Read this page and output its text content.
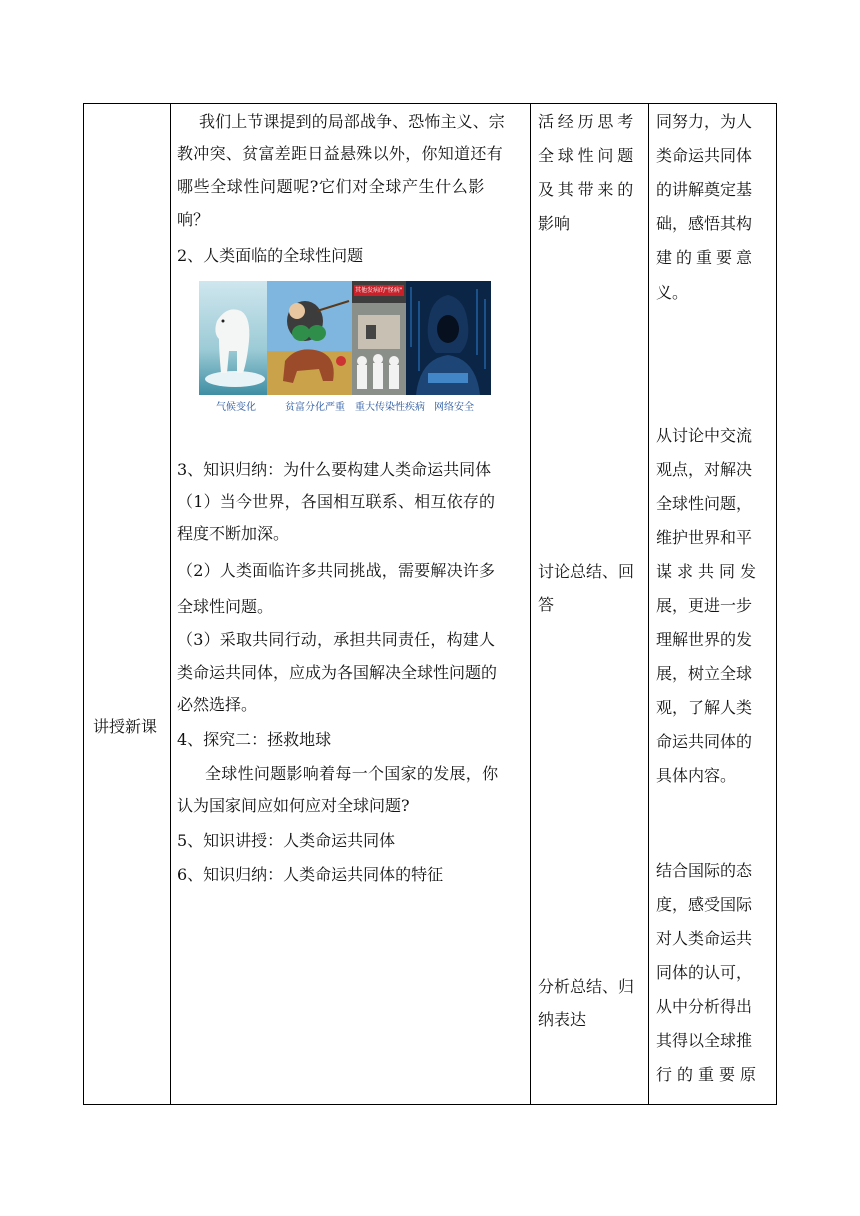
讲授新课
我们上节课提到的局部战争、恐怖主义、宗
教冲突、贫富差距日益悬殊以外，你知道还有
哪些全球性问题呢?它们对全球产生什么影
响？
2、人类面临的全球性问题
其他发病的"怪病"
气候变化	贫富分化严重 重大传染性疾病 网络安全
3、知识归纳：为什么要构建人类命运共同体
（1）当今世界，各国相互联系、相互依存的
程度不断加深。
（2）人类面临许多共同挑战，需要解决许多
全球性问题。
（3）采取共同行动，承担共同责任，构建人
类命运共同体，应成为各国解决全球性问题的
必然选择。
4、探究二：拯救地球
全球性问题影响着每一个国家的发展，你
认为国家间应如何应对全球问题?
5、知识讲授：人类命运共同体
6、知识归纳：人类命运共同体的特征
活经历思考
全球性问题
及其带来的
影响
讨论总结、回
答
分析总结、归
纳表达
同努力，为人
类命运共同体
的讲解奠定基
础，感悟其构
建的重要意
义。
从讨论中交流
观点，对解决
全球性问题，
维护世界和平
谋求共同发
展，更进一步
理解世界的发
展，树立全球
观，了解人类
命运共同体的
具体内容。
结合国际的态
度，感受国际
对人类命运共
同体的认可，
从中分析得出
其得以全球推
行的重要原
